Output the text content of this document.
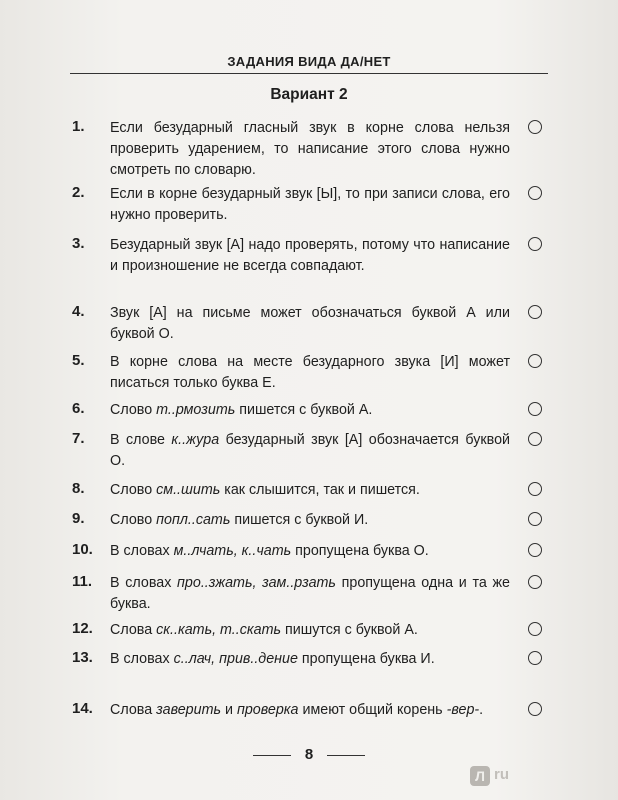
ЗАДАНИЯ ВИДА ДА/НЕТ
Вариант 2
1. Если безударный гласный звук в корне слова нельзя проверить ударением, то написание этого слова нужно смотреть по словарю.
2. Если в корне безударный звук [Ы], то при записи слова, его нужно проверить.
3. Безударный звук [А] надо проверять, потому что написание и произношение не всегда совпадают.
4. Звук [А] на письме может обозначаться буквой А или буквой О.
5. В корне слова на месте безударного звука [И] может писаться только буква Е.
6. Слово т..рмозить пишется с буквой А.
7. В слове к..жура безударный звук [А] обозначается буквой О.
8. Слово см..шить как слышится, так и пишется.
9. Слово попл..сать пишется с буквой И.
10. В словах м..лчать, к..чать пропущена буква О.
11. В словах про..зжать, зам..рзать пропущена одна и та же буква.
12. Слова ск..кать, т..скать пишутся с буквой А.
13. В словах с..лач, прив..дение пропущена буква И.
14. Слова заверить и проверка имеют общий корень -вер-.
8
Л ru
